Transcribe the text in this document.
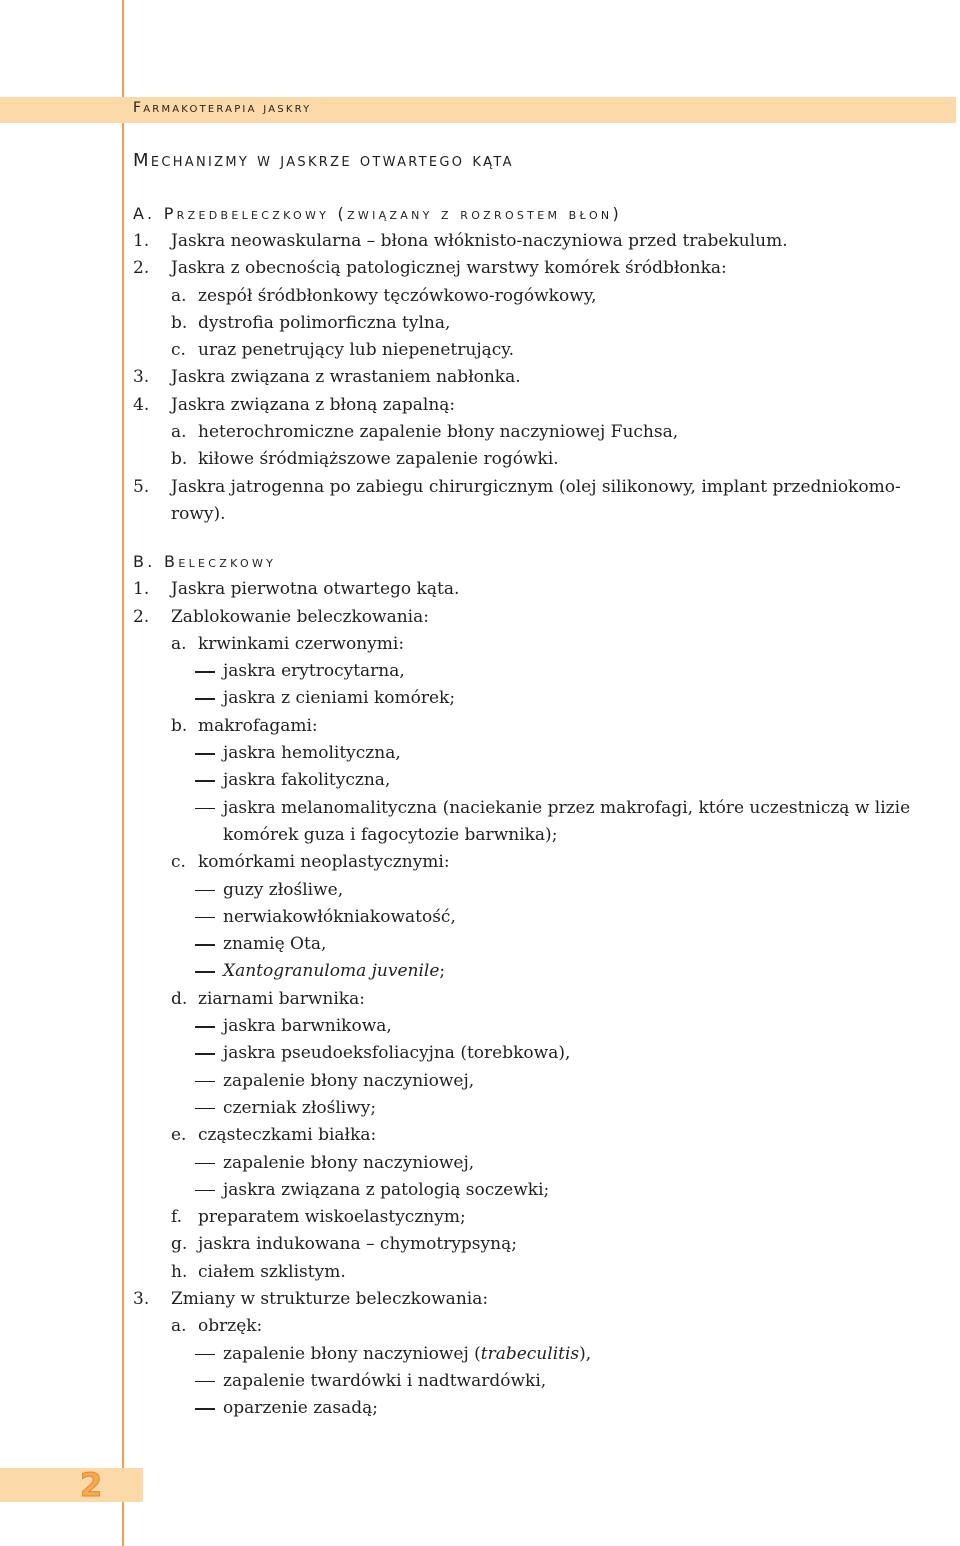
Farmakoterapia jaskry
Mechanizmy w jaskrze otwartego kąta

A. Przedbeleczkowy (związany z rozrostem błon)

1. Jaskra neowaskularna – błona włóknisto-naczyniowa przed trabekulum.
2. Jaskra z obecnością patologicznej warstwy komórek śródbłonka:
a. zespół śródbłonkowy tęczówkowo-rogówkowy,
b. dystrofia polimorficzna tylna,
c. uraz penetrujący lub niepenetrujący.
3. Jaskra związana z wrastaniem nabłonka.
4. Jaskra związana z błoną zapalną:
a. heterochromiczne zapalenie błony naczyniowej Fuchsa,
b. kiłowe śródmiąższowe zapalenie rogówki.
5. Jaskra jatrogenna po zabiegu chirurgicznym (olej silikonowy, implant przedniokomo-
rowy).

B. Beleczkowy

1. Jaskra pierwotna otwartego kąta.
2. Zablokowanie beleczkowania:
a. krwinkami czerwonymi:
jaskra erytrocytarna,
jaskra z cieniami komórek;
b. makrofagami:
jaskra hemolityczna,
jaskra fakolityczna,
jaskra melanomalityczna (naciekanie przez makrofagi, które uczestniczą w lizie
komórek guza i fagocytozie barwnika);
c. komórkami neoplastycznymi:
guzy złośliwe,
nerwiakowłókniakowatość,
znamię Ota,
Xantogranuloma juvenile;
d. ziarnami barwnika:
jaskra barwnikowa,
jaskra pseudoeksfoliacyjna (torebkowa),
zapalenie błony naczyniowej,
czerniak złośliwy;
e. cząsteczkami białka:
zapalenie błony naczyniowej,
jaskra związana z patologią soczewki;
f. preparatem wiskoelastycznym;
g. jaskra indukowana – chymotrypsyną;
h. ciałem szklistym.
3. Zmiany w strukturze beleczkowania:
a. obrzęk:
zapalenie błony naczyniowej (trabeculitis),
zapalenie twardówki i nadtwardówki,
oparzenie zasadą;
2
